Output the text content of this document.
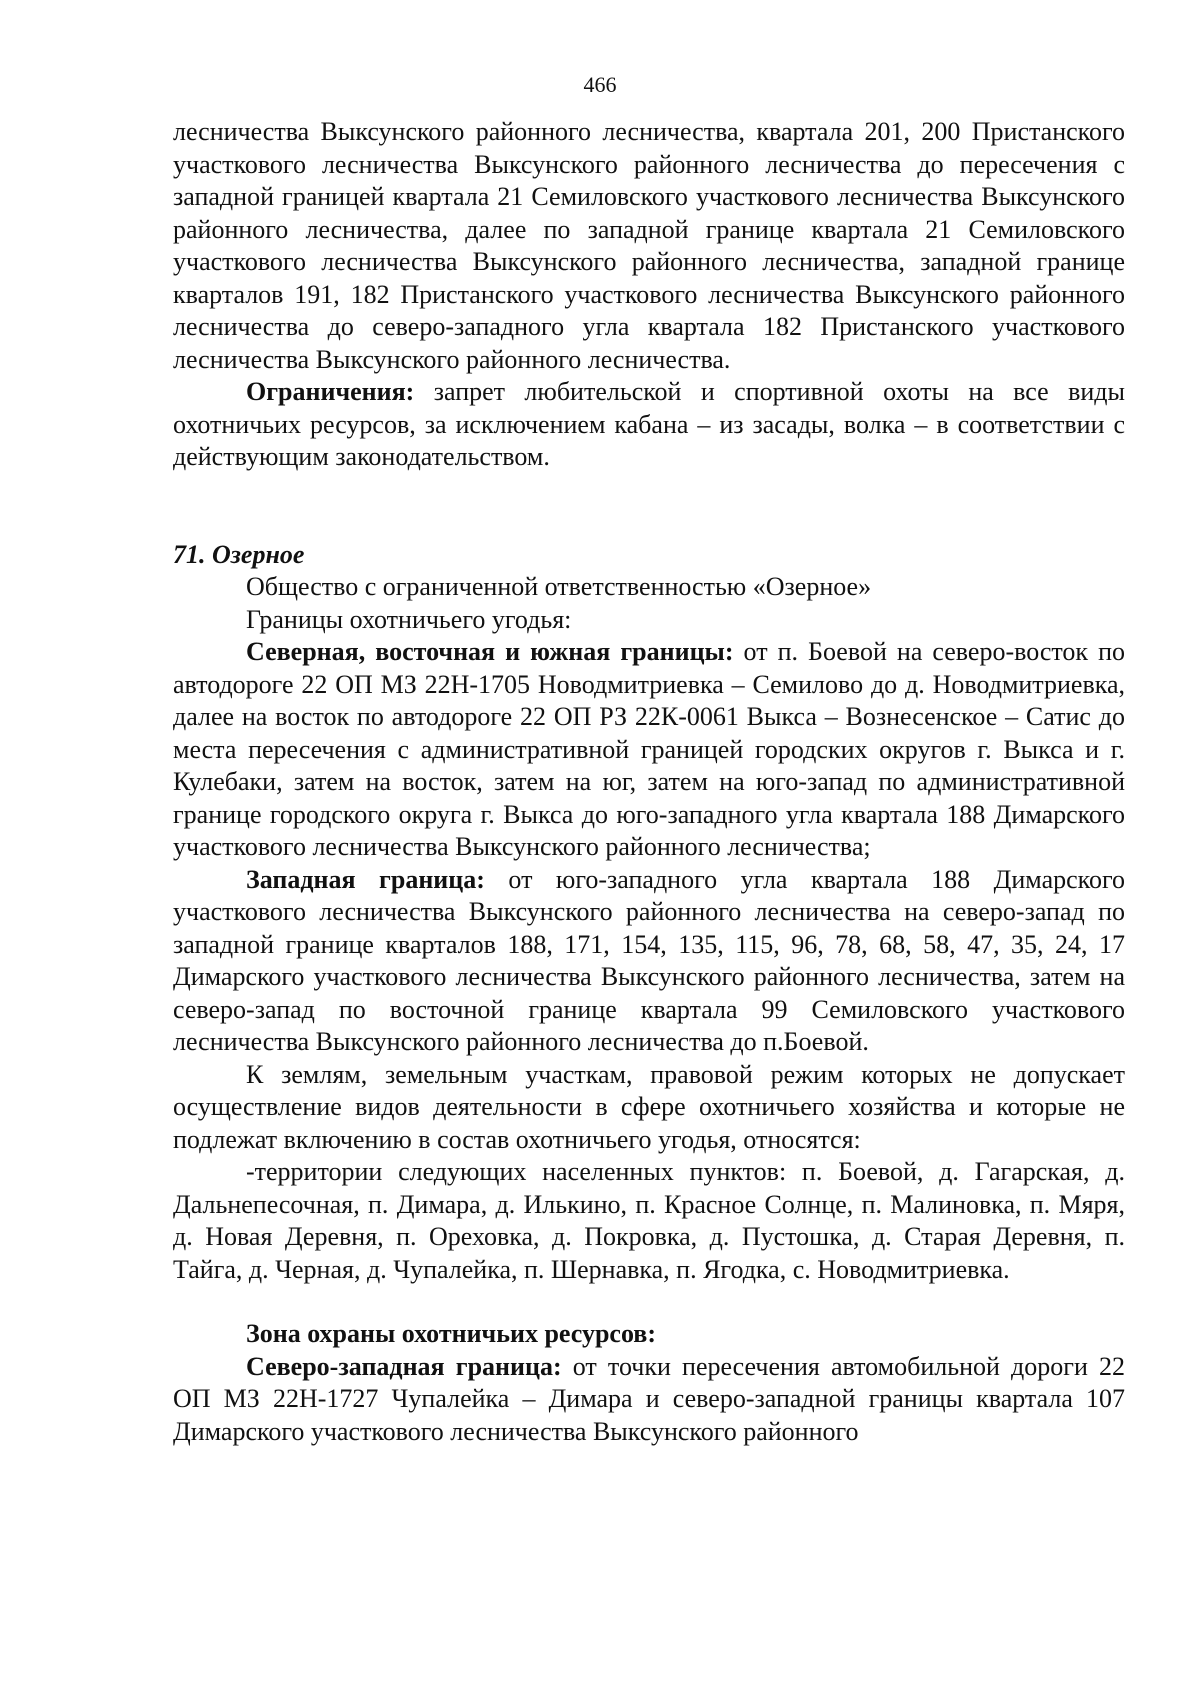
466

лесничества Выксунского районного лесничества, квартала 201, 200 Пристанского участкового лесничества Выксунского районного лесничества до пересечения с западной границей квартала 21 Семиловского участкового лесничества Выксунского районного лесничества, далее по западной границе квартала 21 Семиловского участкового лесничества Выксунского районного лесничества, западной границе кварталов 191, 182 Пристанского участкового лесничества Выксунского районного лесничества до северо-западного угла квартала 182 Пристанского участкового лесничества Выксунского районного лесничества.

Ограничения: запрет любительской и спортивной охоты на все виды охотничьих ресурсов, за исключением кабана – из засады, волка – в соответствии с действующим законодательством.

71. Озерное

Общество с ограниченной ответственностью «Озерное»

Границы охотничьего угодья:

Северная, восточная и южная границы: от п. Боевой на северо-восток по автодороге 22 ОП МЗ 22Н-1705 Новодмитриевка – Семилово до д. Новодмитриевка, далее на восток по автодороге 22 ОП РЗ 22К-0061 Выкса – Вознесенское – Сатис до места пересечения с административной границей городских округов г. Выкса и г. Кулебаки, затем на восток, затем на юг, затем на юго-запад по административной границе городского округа г. Выкса до юго-западного угла квартала 188 Димарского участкового лесничества Выксунского районного лесничества;

Западная граница: от юго-западного угла квартала 188 Димарского участкового лесничества Выксунского районного лесничества на северо-запад по западной границе кварталов 188, 171, 154, 135, 115, 96, 78, 68, 58, 47, 35, 24, 17 Димарского участкового лесничества Выксунского районного лесничества, затем на северо-запад по восточной границе квартала 99 Семиловского участкового лесничества Выксунского районного лесничества до п.Боевой.

К землям, земельным участкам, правовой режим которых не допускает осуществление видов деятельности в сфере охотничьего хозяйства и которые не подлежат включению в состав охотничьего угодья, относятся:

-территории следующих населенных пунктов: п. Боевой, д. Гагарская, д. Дальнепесочная, п. Димара, д. Илькино, п. Красное Солнце, п. Малиновка, п. Мяря, д. Новая Деревня, п. Ореховка, д. Покровка, д. Пустошка, д. Старая Деревня, п. Тайга, д. Черная, д. Чупалейка, п. Шернавка, п. Ягодка, с. Новодмитриевка.

Зона охраны охотничьих ресурсов:

Северо-западная граница: от точки пересечения автомобильной дороги 22 ОП МЗ 22Н-1727 Чупалейка – Димара и северо-западной границы квартала 107 Димарского участкового лесничества Выксунского районного
